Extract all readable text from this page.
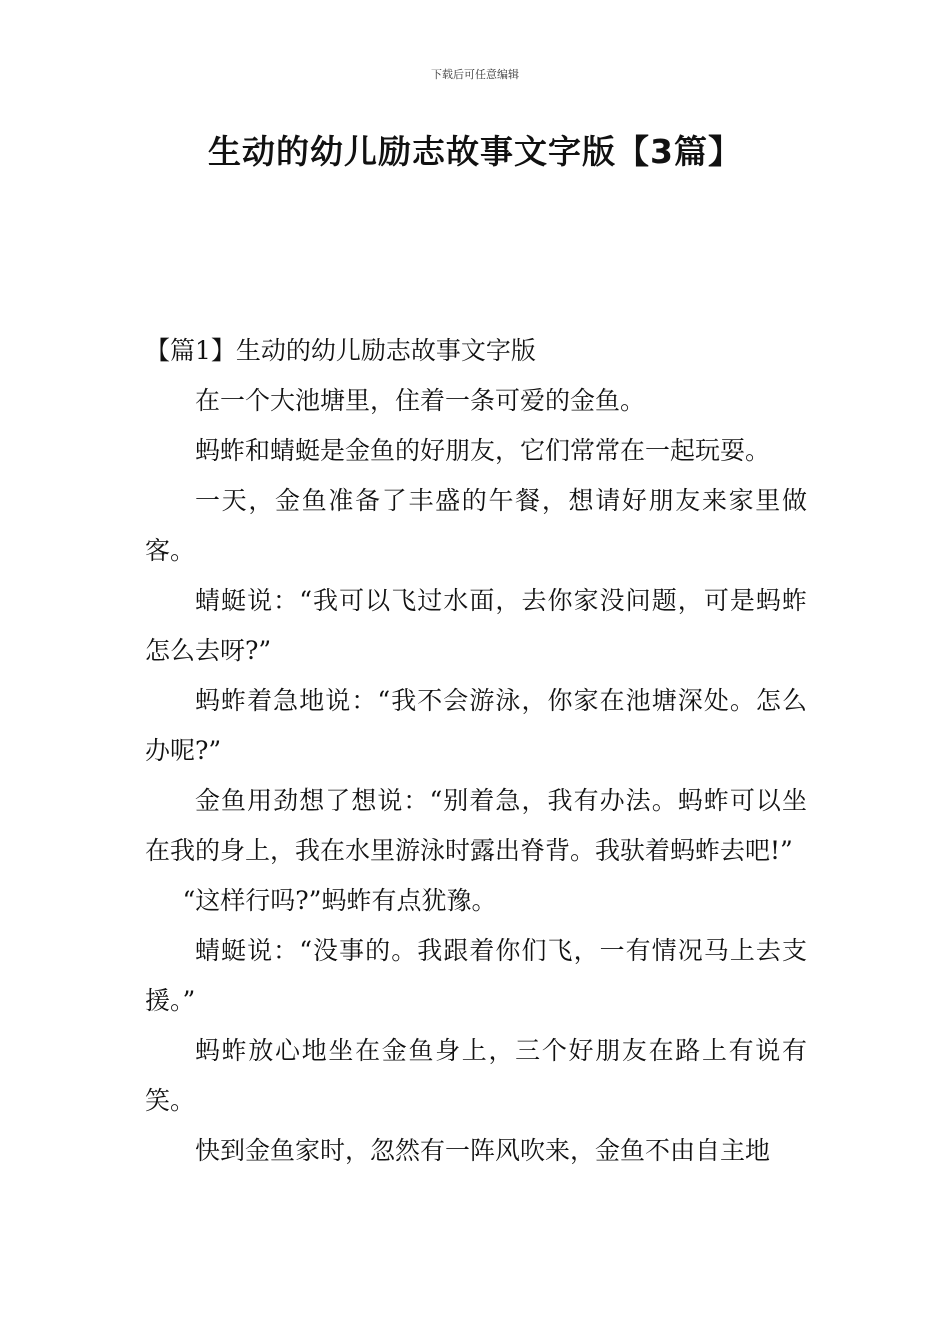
下载后可任意编辑
生动的幼儿励志故事文字版【3篇】

【篇1】生动的幼儿励志故事文字版

在一个大池塘里，住着一条可爱的金鱼。

蚂蚱和蜻蜓是金鱼的好朋友，它们常常在一起玩耍。

一天，金鱼准备了丰盛的午餐，想请好朋友来家里做客。

蜻蜓说：“我可以飞过水面，去你家没问题，可是蚂蚱怎么去呀?”

蚂蚱着急地说：“我不会游泳，你家在池塘深处。怎么办呢?”

金鱼用劲想了想说：“别着急，我有办法。蚂蚱可以坐在我的身上，我在水里游泳时露出脊背。我驮着蚂蚱去吧!”

“这样行吗?”蚂蚱有点犹豫。

蜻蜓说：“没事的。我跟着你们飞，一有情况马上去支援。”

蚂蚱放心地坐在金鱼身上，三个好朋友在路上有说有笑。

快到金鱼家时，忽然有一阵风吹来，金鱼不由自主地
